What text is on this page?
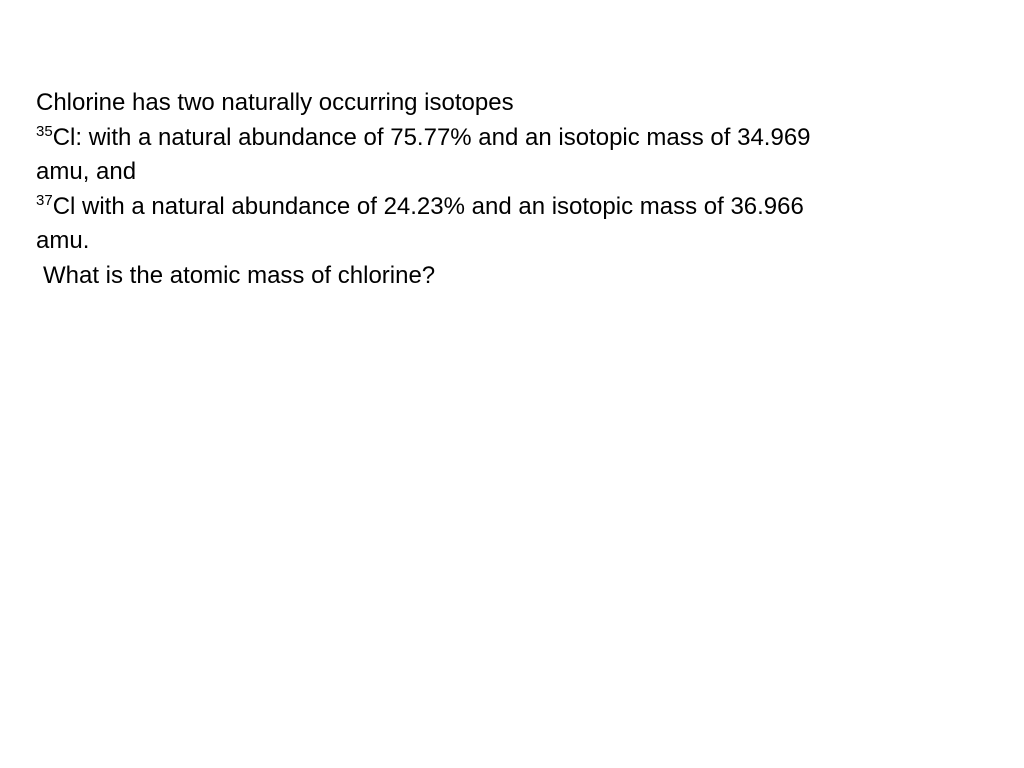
Chlorine has two naturally occurring isotopes
$^{35}$Cl: with a natural abundance of 75.77% and an isotopic mass of 34.969
amu, and
$^{37}$Cl with a natural abundance of 24.23% and an isotopic mass of 36.966
amu.
What is the atomic mass of chlorine?
